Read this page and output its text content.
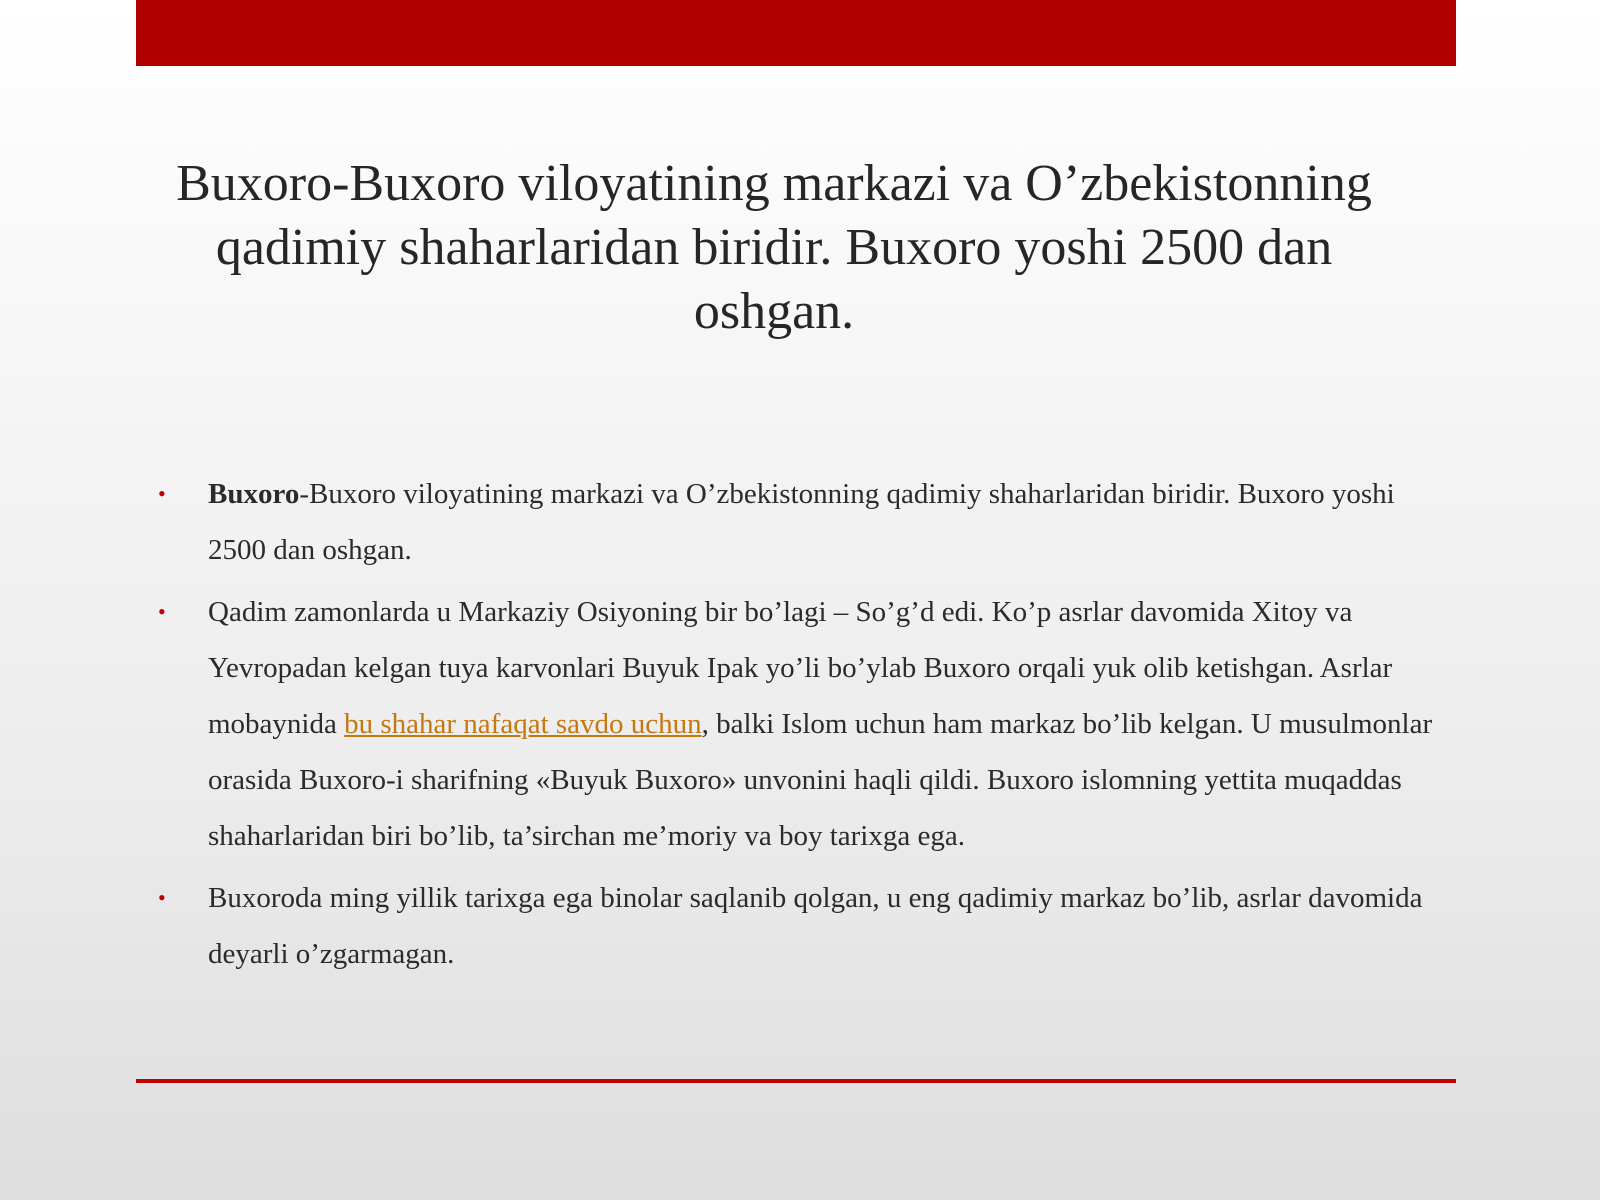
Buxoro-Buxoro viloyatining markazi va O’zbekistonning qadimiy shaharlaridan biridir. Buxoro yoshi 2500 dan oshgan.
•	Buxoro-Buxoro viloyatining markazi va O’zbekistonning qadimiy shaharlaridan biridir. Buxoro yoshi 2500 dan oshgan.
•	Qadim zamonlarda u Markaziy Osiyoning bir bo’lagi – So’g’d edi. Ko’p asrlar davomida Xitoy va Yevropadan kelgan tuya karvonlari Buyuk Ipak yo’li bo’ylab Buxoro orqali yuk olib ketishgan. Asrlar mobaynida bu shahar nafaqat savdo uchun, balki Islom uchun ham markaz bo’lib kelgan. U musulmonlar orasida Buxoro-i sharifning «Buyuk Buxoro» unvonini haqli qildi. Buxoro islomning yettita muqaddas shaharlaridan biri bo’lib, ta’sirchan me’moriy va boy tarixga ega.
•	Buxoroda ming yillik tarixga ega binolar saqlanib qolgan, u eng qadimiy markaz bo’lib, asrlar davomida deyarli o’zgarmagan.
